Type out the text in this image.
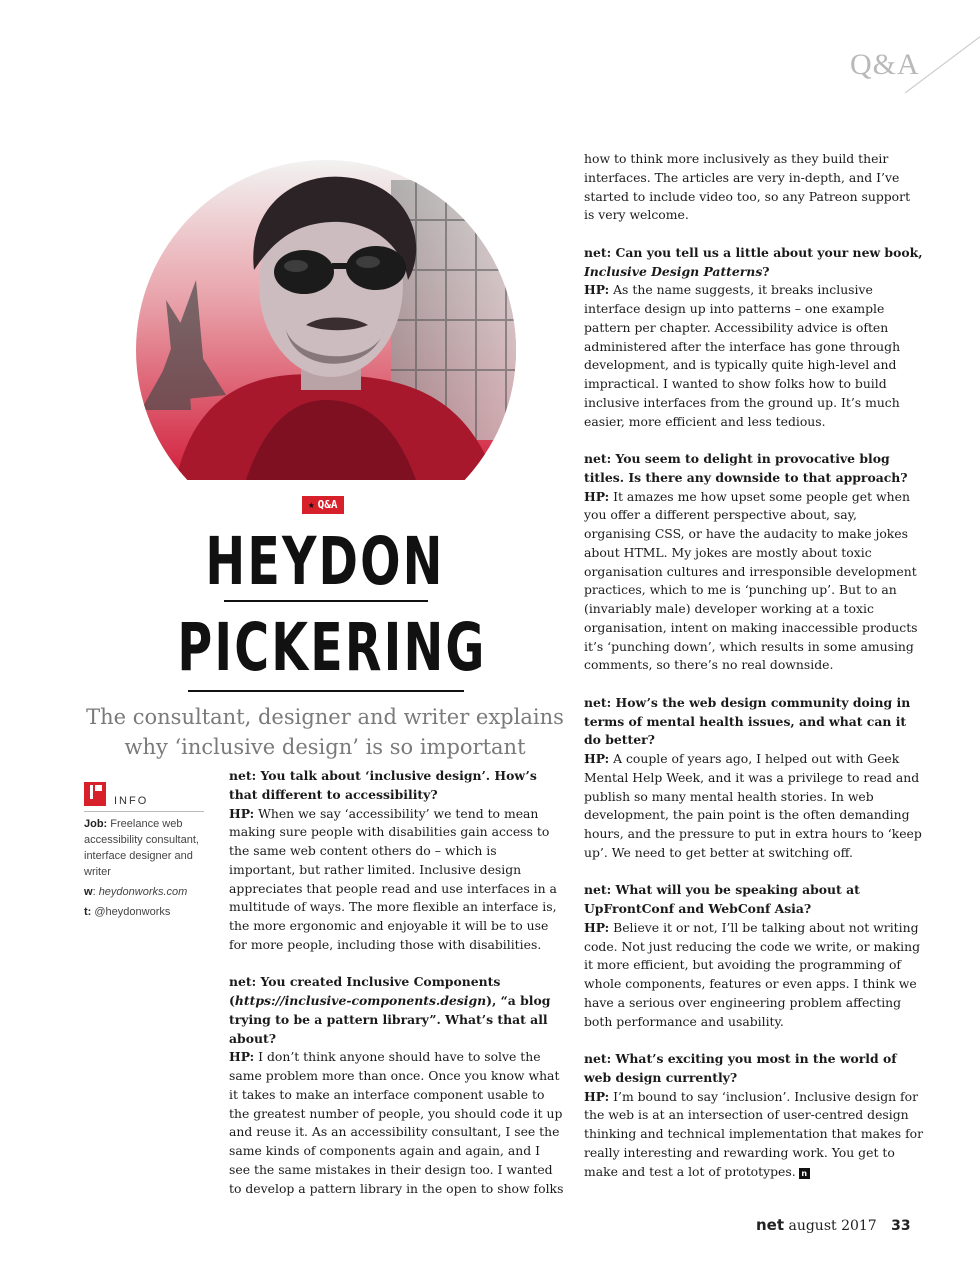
Q&A
★ Q&A
HEYDON
PICKERING
The consultant, designer and writer explains
why ‘inclusive design’ is so important
INFO

Job: Freelance web accessibility consultant, interface designer and writer

w: heydonworks.com

t: @heydonworks

net: You talk about ‘inclusive design’. How’s that different to accessibility?
HP: When we say ‘accessibility’ we tend to mean making sure people with disabilities gain access to the same web content others do – which is important, but rather limited. Inclusive design appreciates that people read and use interfaces in a multitude of ways. The more flexible an interface is, the more ergonomic and enjoyable it will be to use for more people, including those with disabilities.

net: You created Inclusive Components (https://inclusive-components.design), “a blog trying to be a pattern library”. What’s that all about?
HP: I don’t think anyone should have to solve the same problem more than once. Once you know what it takes to make an interface component usable to the greatest number of people, you should code it up and reuse it. As an accessibility consultant, I see the same kinds of components again and again, and I see the same mistakes in their design too. I wanted to develop a pattern library in the open to show folks

how to think more inclusively as they build their interfaces. The articles are very in-depth, and I’ve started to include video too, so any Patreon support is very welcome.

net: Can you tell us a little about your new book,
Inclusive Design Patterns?
HP: As the name suggests, it breaks inclusive interface design up into patterns – one example pattern per chapter. Accessibility advice is often administered after the interface has gone through development, and is typically quite high-level and impractical. I wanted to show folks how to build inclusive interfaces from the ground up. It’s much easier, more efficient and less tedious.

net: You seem to delight in provocative blog titles. Is there any downside to that approach?
HP: It amazes me how upset some people get when you offer a different perspective about, say, organising CSS, or have the audacity to make jokes about HTML. My jokes are mostly about toxic organisation cultures and irresponsible development practices, which to me is ‘punching up’. But to an (invariably male) developer working at a toxic organisation, intent on making inaccessible products it’s ‘punching down’, which results in some amusing comments, so there’s no real downside.

net: How’s the web design community doing in terms of mental health issues, and what can it do better?
HP: A couple of years ago, I helped out with Geek Mental Help Week, and it was a privilege to read and publish so many mental health stories. In web development, the pain point is the often demanding hours, and the pressure to put in extra hours to ‘keep up’. We need to get better at switching off.

net: What will you be speaking about at UpFrontConf and WebConf Asia?
HP: Believe it or not, I’ll be talking about not writing code. Not just reducing the code we write, or making it more efficient, but avoiding the programming of whole components, features or even apps. I think we have a serious over engineering problem affecting both performance and usability.

net: What’s exciting you most in the world of web design currently?
HP: I’m bound to say ‘inclusion’. Inclusive design for the web is at an intersection of user-centred design thinking and technical implementation that makes for really interesting and rewarding work. You get to make and test a lot of prototypes. n

net august 2017 33
